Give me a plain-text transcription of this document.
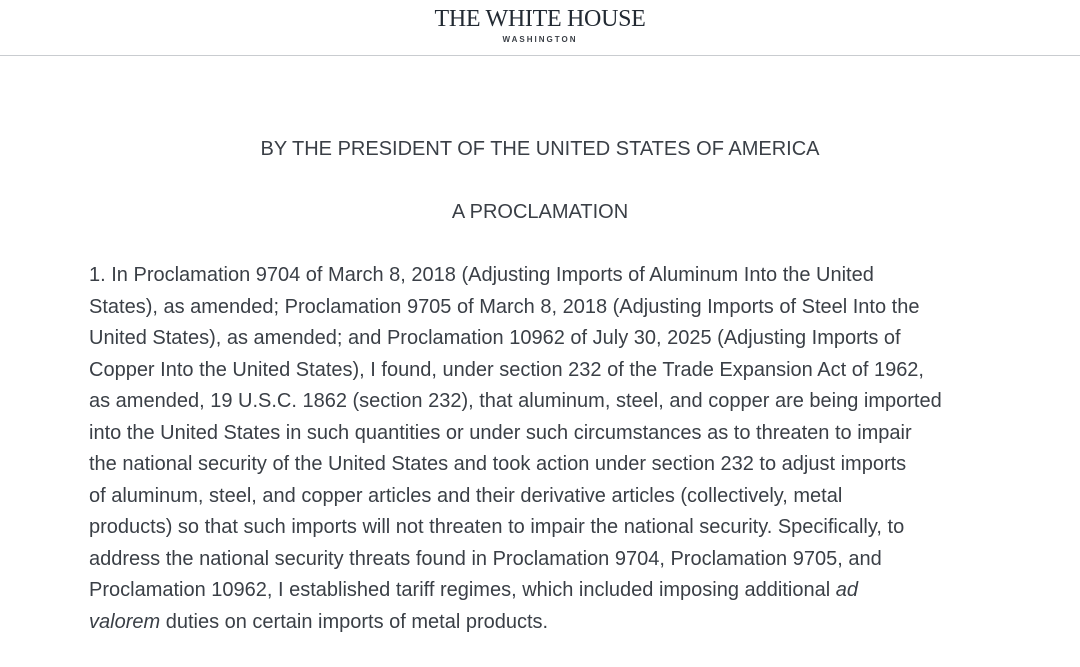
THE WHITE HOUSE
WASHINGTON
BY THE PRESIDENT OF THE UNITED STATES OF AMERICA
A PROCLAMATION

1. In Proclamation 9704 of March 8, 2018 (Adjusting Imports of Aluminum Into the United
States), as amended; Proclamation 9705 of March 8, 2018 (Adjusting Imports of Steel Into the
United States), as amended; and Proclamation 10962 of July 30, 2025 (Adjusting Imports of
Copper Into the United States), I found, under section 232 of the Trade Expansion Act of 1962,
as amended, 19 U.S.C. 1862 (section 232), that aluminum, steel, and copper are being imported
into the United States in such quantities or under such circumstances as to threaten to impair
the national security of the United States and took action under section 232 to adjust imports
of aluminum, steel, and copper articles and their derivative articles (collectively, metal
products) so that such imports will not threaten to impair the national security. Specifically, to
address the national security threats found in Proclamation 9704, Proclamation 9705, and
Proclamation 10962, I established tariff regimes, which included imposing additional ad
valorem duties on certain imports of metal products.
